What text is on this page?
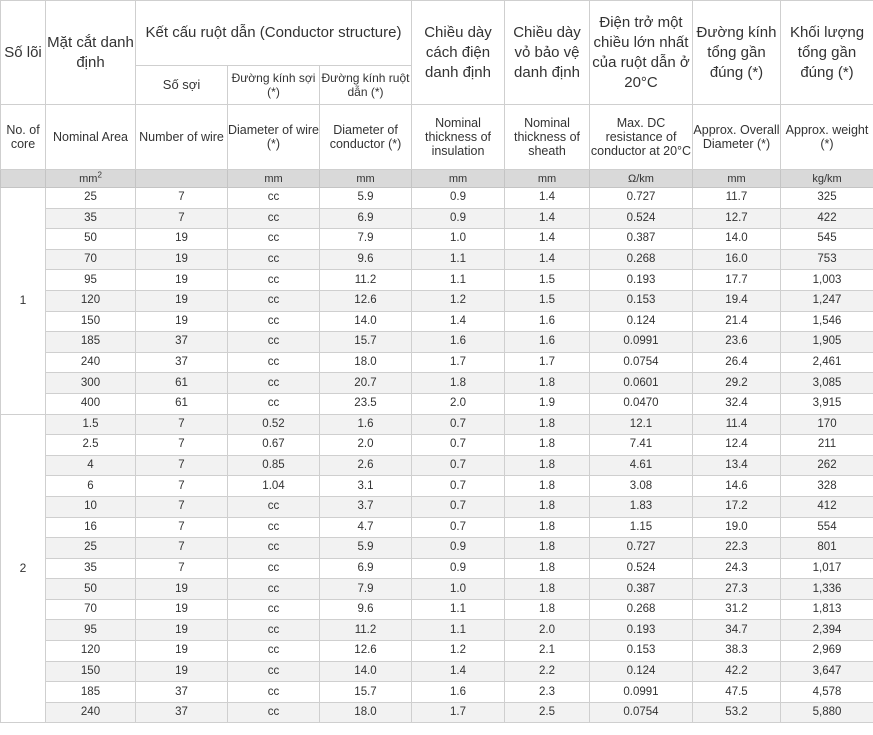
Số lõi	Mặt cắt danh định	Kết cấu ruột dẫn (Conductor structure)			Chiều dày cách điện danh định	Chiều dày vỏ bảo vệ danh định	Điện trở một chiều lớn nhất của ruột dẫn ở 20°C	Đường kính tổng gần đúng (*)	Khối lượng tổng gần đúng (*)
		Số sợi	Đường kính sợi (*)	Đường kính ruột dẫn (*)					
No. of core	Nominal Area	Number of wire	Diameter of wire (*)	Diameter of conductor (*)	Nominal thickness of insulation	Nominal thickness of sheath	Max. DC resistance of conductor at 20°C	Approx. Overall Diameter (*)	Approx. weight (*)
	$mm^2$		mm	mm	mm	mm	Ω/km	mm	kg/km
1	25	7	cc	5.9	0.9	1.4	0.727	11.7	325
	35	7	cc	6.9	0.9	1.4	0.524	12.7	422
	50	19	cc	7.9	1.0	1.4	0.387	14.0	545
	70	19	cc	9.6	1.1	1.4	0.268	16.0	753
	95	19	cc	11.2	1.1	1.5	0.193	17.7	1,003
	120	19	cc	12.6	1.2	1.5	0.153	19.4	1,247
	150	19	cc	14.0	1.4	1.6	0.124	21.4	1,546
	185	37	cc	15.7	1.6	1.6	0.0991	23.6	1,905
	240	37	cc	18.0	1.7	1.7	0.0754	26.4	2,461
	300	61	cc	20.7	1.8	1.8	0.0601	29.2	3,085
	400	61	cc	23.5	2.0	1.9	0.0470	32.4	3,915
2	1.5	7	0.52	1.6	0.7	1.8	12.1	11.4	170
	2.5	7	0.67	2.0	0.7	1.8	7.41	12.4	211
	4	7	0.85	2.6	0.7	1.8	4.61	13.4	262
	6	7	1.04	3.1	0.7	1.8	3.08	14.6	328
	10	7	cc	3.7	0.7	1.8	1.83	17.2	412
	16	7	cc	4.7	0.7	1.8	1.15	19.0	554
	25	7	cc	5.9	0.9	1.8	0.727	22.3	801
	35	7	cc	6.9	0.9	1.8	0.524	24.3	1,017
	50	19	cc	7.9	1.0	1.8	0.387	27.3	1,336
	70	19	cc	9.6	1.1	1.8	0.268	31.2	1,813
	95	19	cc	11.2	1.1	2.0	0.193	34.7	2,394
	120	19	cc	12.6	1.2	2.1	0.153	38.3	2,969
	150	19	cc	14.0	1.4	2.2	0.124	42.2	3,647
	185	37	cc	15.7	1.6	2.3	0.0991	47.5	4,578
	240	37	cc	18.0	1.7	2.5	0.0754	53.2	5,880
